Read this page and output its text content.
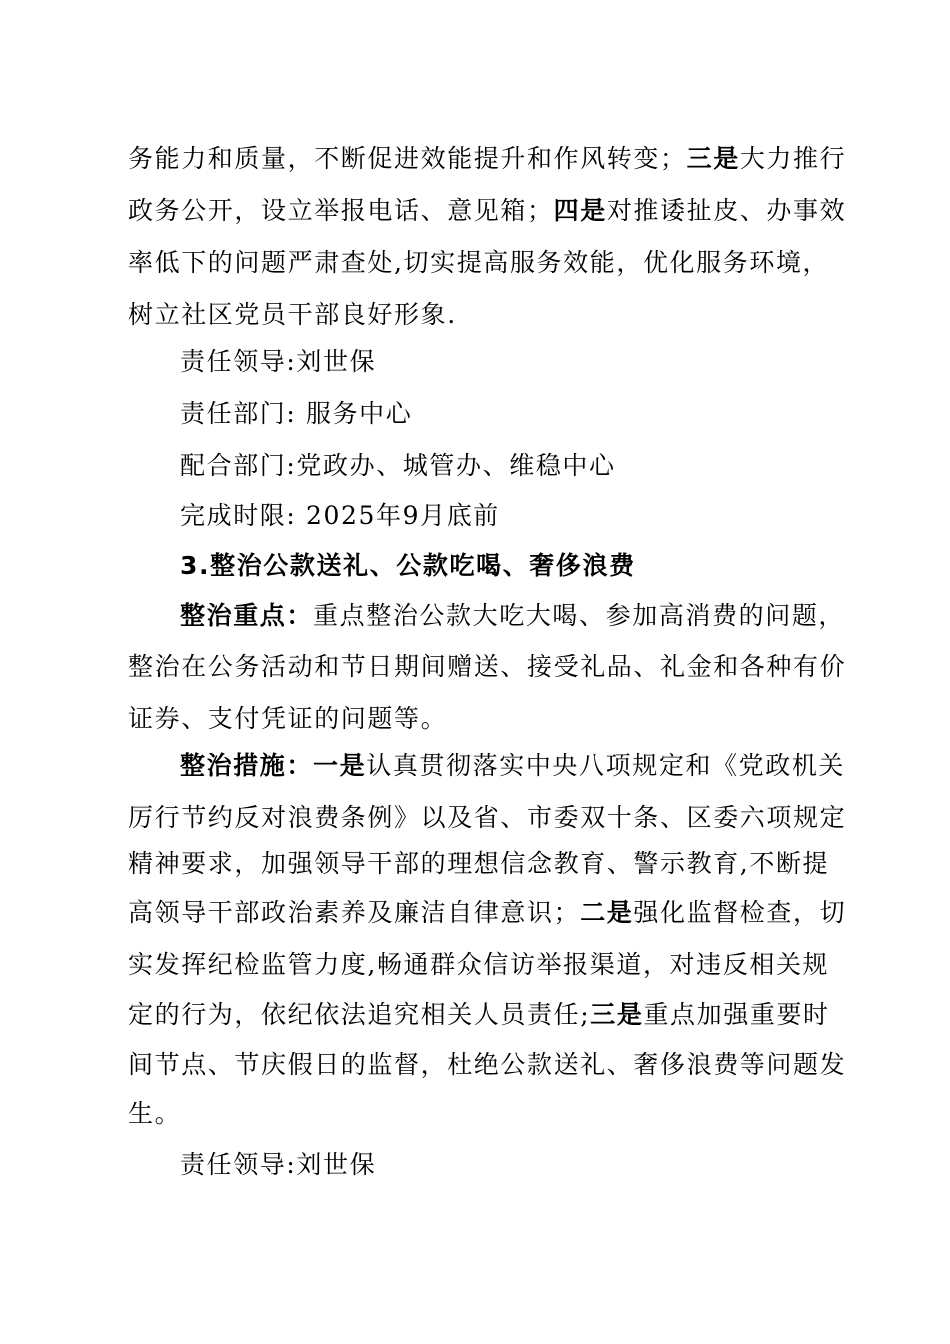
务能力和质量，不断促进效能提升和作风转变；三是大力推行
政务公开，设立举报电话、意见箱；四是对推诿扯皮、办事效
率低下的问题严肃查处,切实提高服务效能，优化服务环境，
树立社区党员干部良好形象.
责任领导:刘世保
责任部门: 服务中心
配合部门:党政办、城管办、维稳中心
完成时限: 2025年9月底前
3.整治公款送礼、公款吃喝、奢侈浪费
整治重点：重点整治公款大吃大喝、参加高消费的问题，
整治在公务活动和节日期间赠送、接受礼品、礼金和各种有价
证券、支付凭证的问题等。
整治措施：一是认真贯彻落实中央八项规定和《党政机关
厉行节约反对浪费条例》以及省、市委双十条、区委六项规定
精神要求，加强领导干部的理想信念教育、警示教育,不断提
高领导干部政治素养及廉洁自律意识；二是强化监督检查，切
实发挥纪检监管力度,畅通群众信访举报渠道，对违反相关规
定的行为，依纪依法追究相关人员责任;三是重点加强重要时
间节点、节庆假日的监督，杜绝公款送礼、奢侈浪费等问题发
生。
责任领导:刘世保
